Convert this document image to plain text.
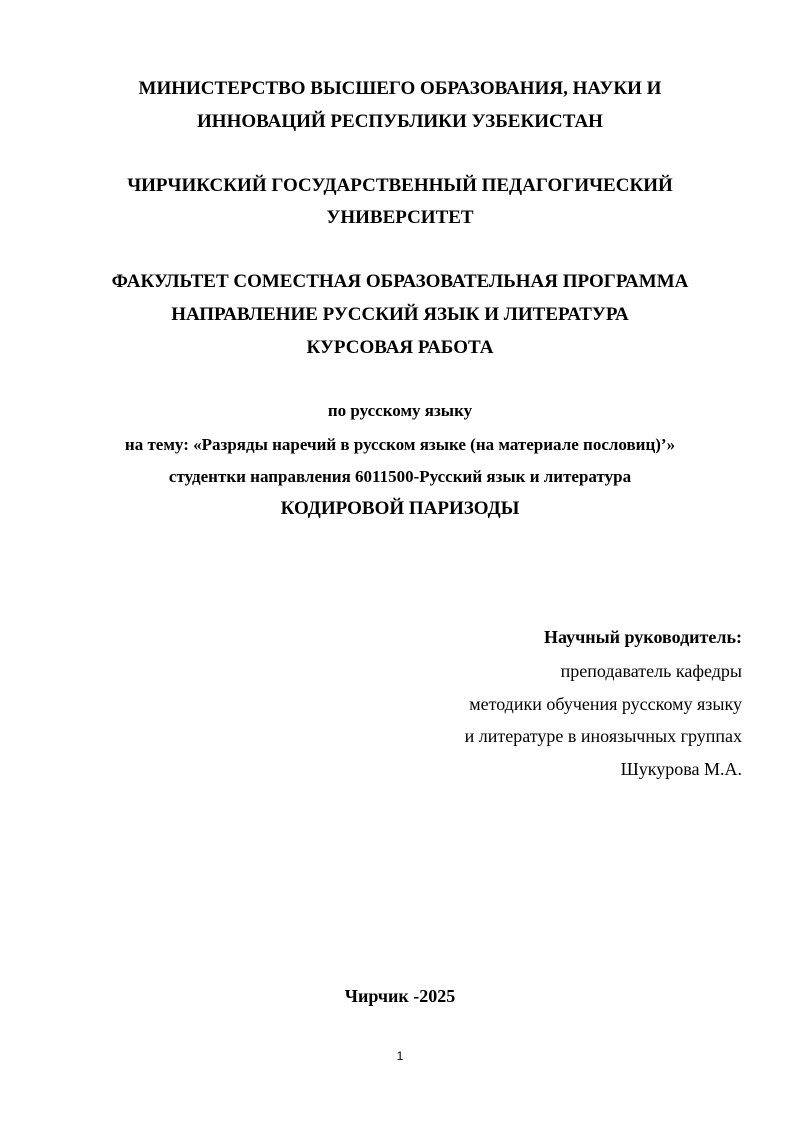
МИНИСТЕРСТВО ВЫСШЕГО ОБРАЗОВАНИЯ, НАУКИ И

ИННОВАЦИЙ РЕСПУБЛИКИ УЗБЕКИСТАН

ЧИРЧИКСКИЙ ГОСУДАРСТВЕННЫЙ ПЕДАГОГИЧЕСКИЙ

УНИВЕРСИТЕТ

ФАКУЛЬТЕТ СОМЕСТНАЯ ОБРАЗОВАТЕЛЬНАЯ ПРОГРАММА

НАПРАВЛЕНИЕ РУССКИЙ ЯЗЫК И ЛИТЕРАТУРА

КУРСОВАЯ РАБОТА

по русскому языку

на тему: «Разряды наречий в русском языке (на материале пословиц)’»

студентки направления 6011500-Русский язык и литература

КОДИРОВОЙ ПАРИЗОДЫ

Научный руководитель:

преподаватель кафедры

методики обучения русскому языку

и литературе в иноязычных группах

Шукурова М.А.

Чирчик -2025

1
